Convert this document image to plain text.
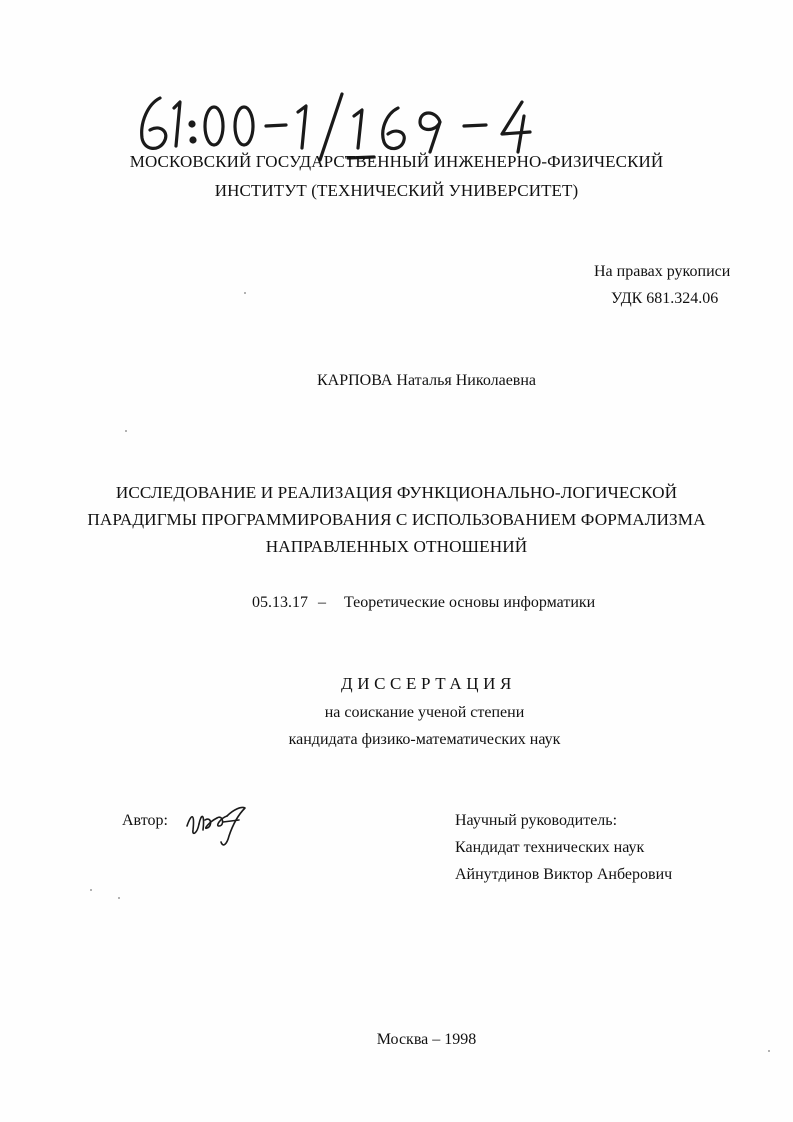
МОСКОВСКИЙ ГОСУДАРСТВЕННЫЙ ИНЖЕНЕРНО-ФИЗИЧЕСКИЙ
ИНСТИТУТ (ТЕХНИЧЕСКИЙ УНИВЕРСИТЕТ)
На правах рукописи
УДК 681.324.06
КАРПОВА Наталья Николаевна
ИССЛЕДОВАНИЕ И РЕАЛИЗАЦИЯ ФУНКЦИОНАЛЬНО-ЛОГИЧЕСКОЙ
ПАРАДИГМЫ ПРОГРАММИРОВАНИЯ С ИСПОЛЬЗОВАНИЕМ ФОРМАЛИЗМА
НАПРАВЛЕННЫХ ОТНОШЕНИЙ
05.13.17 – Теоретические основы информатики
ДИССЕРТАЦИЯ
на соискание ученой степени
кандидата физико-математических наук
Автор:	Научный руководитель:
Кандидат технических наук
Айнутдинов Виктор Анберович
Москва – 1998
